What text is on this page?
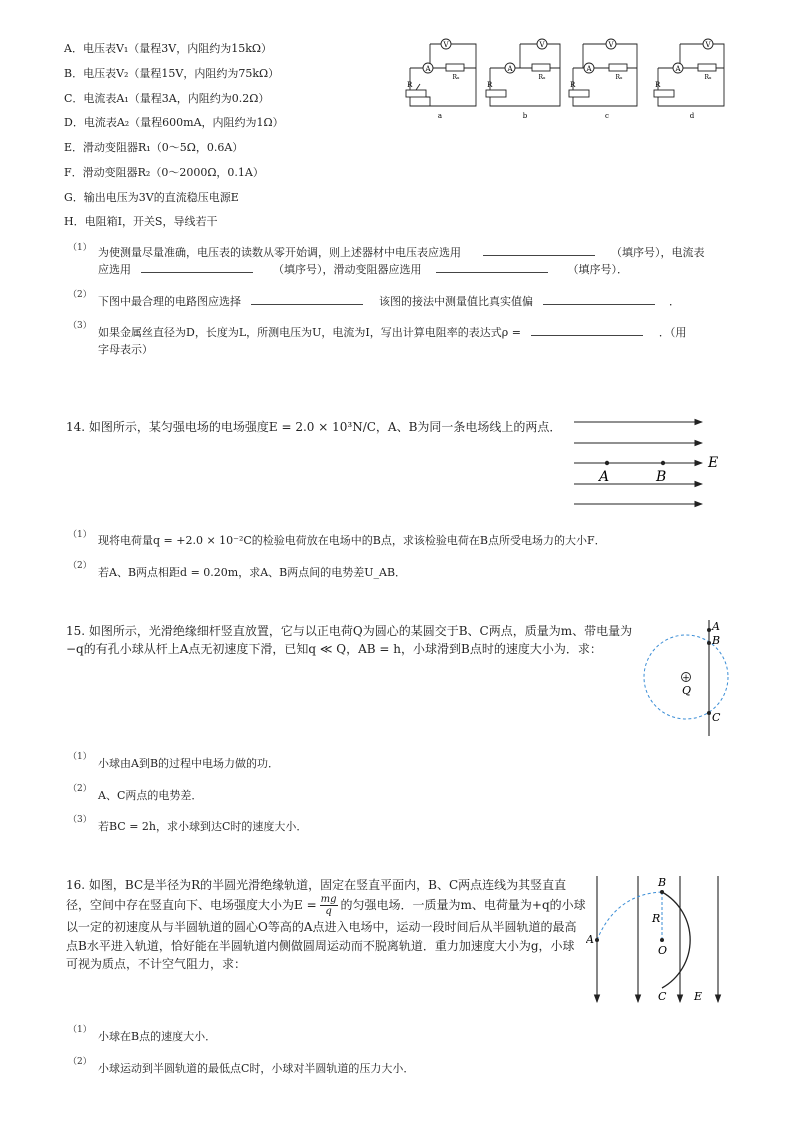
A．电压表V₁（量程3V，内阻约为15kΩ）
B．电压表V₂（量程15V，内阻约为75kΩ）
C．电流表A₁（量程3A，内阻约为0.2Ω）
D．电流表A₂（量程600mA，内阻约为1Ω）
E．滑动变阻器R₁（0～5Ω，0.6A）
F．滑动变阻器R₂（0～2000Ω，0.1A）
G．输出电压为3V的直流稳压电源E
H．电阻箱I，开关S，导线若干
V
A
Rₓ
R
a
V
A
Rₓ
R
b
V
A
Rₓ
R
c
V
A
Rₓ
R
d
（1） 为使测量尽量准确，电压表的读数从零开始调，则上述器材中电压表应选用	（填序号），电流表
应选用	（填序号），滑动变阻器应选用	（填序号）．
（2） 下图中最合理的电路图应选择	该图的接法中测量值比真实值偏	．
（3） 如果金属丝直径为D，长度为L，所测电压为U，电流为I，写出计算电阻率的表达式ρ =	．（用
字母表示）
14. 如图所示，某匀强电场的电场强度E = 2.0 × 10³N/C，A、B为同一条电场线上的两点．
A	B
E
（1） 现将电荷量q = +2.0 × 10⁻²C的检验电荷放在电场中的B点，求该检验电荷在B点所受电场力的大小F．
（2） 若A、B两点相距d = 0.20m，求A、B两点间的电势差U_AB．
15. 如图所示，光滑绝缘细杆竖直放置，它与以正电荷Q为圆心的某圆交于B、C两点，质量为m、带电量为
−q的有孔小球从杆上A点无初速度下滑，已知q ≪ Q，AB = h，小球滑到B点时的速度大小为．求：
A
B
C
+
Q
（1） 小球由A到B的过程中电场力做的功．
（2） A、C两点的电势差．
（3） 若BC = 2h，求小球到达C时的速度大小．
16. 如图，BC是半径为R的半圆光滑绝缘轨道，固定在竖直平面内，B、C两点连线为其竖直直
径，空间中存在竖直向下、电场强度大小为$E = \frac{mg}{q}$ 的匀强电场．一质量为m、电荷量为+q的小球
以一定的初速度从与半圆轨道的圆心O等高的A点进入电场中，运动一段时间后从半圆轨道的最高
点B水平进入轨道，恰好能在半圆轨道内侧做圆周运动而不脱离轨道．重力加速度大小为g，小球
可视为质点，不计空气阻力，求：
A
B
R
O
C	E
（1） 小球在B点的速度大小．
（2） 小球运动到半圆轨道的最低点C时，小球对半圆轨道的压力大小．
